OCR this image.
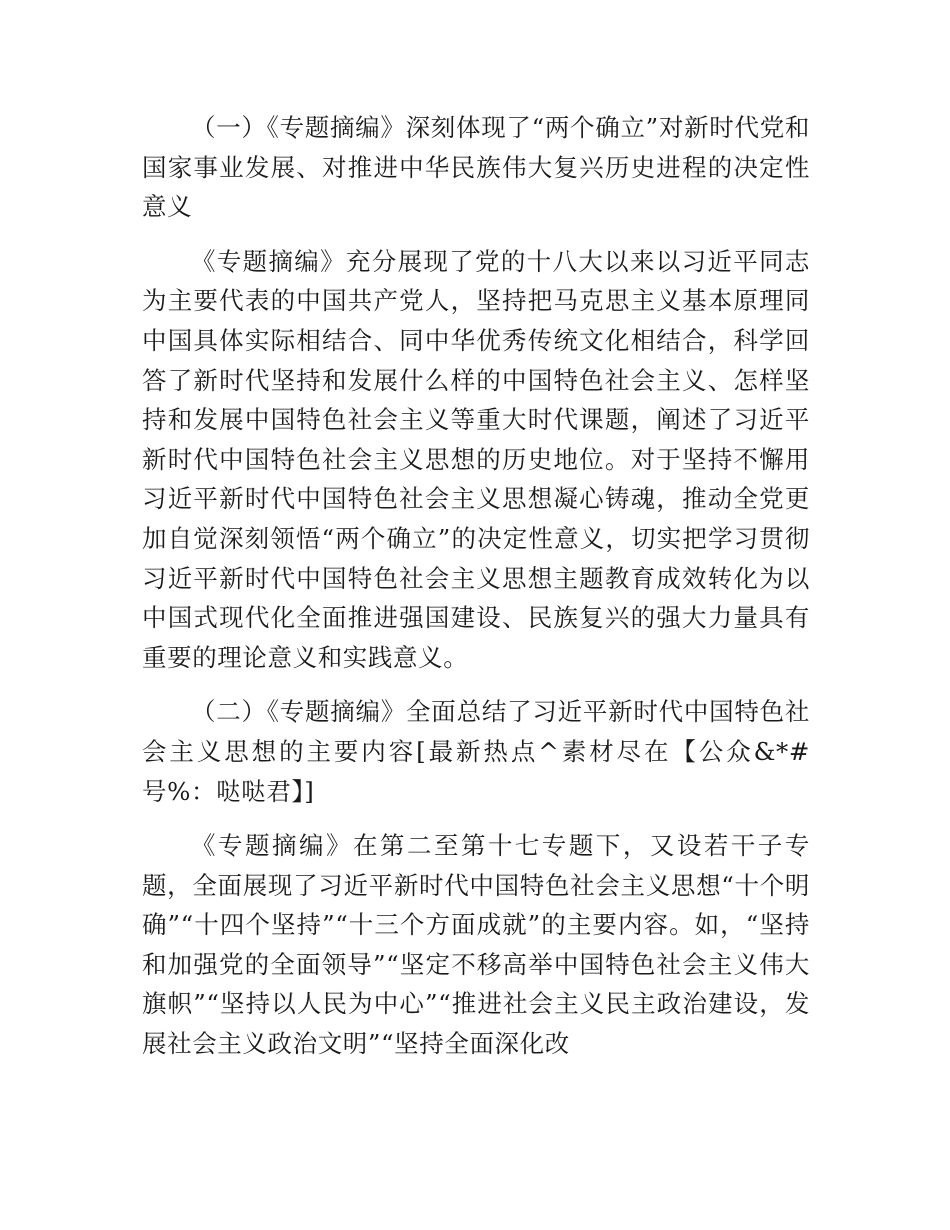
（一）《专题摘编》深刻体现了“两个确立”对新时代党和国家事业发展、对推进中华民族伟大复兴历史进程的决定性意义

《专题摘编》充分展现了党的十八大以来以习近平同志为主要代表的中国共产党人，坚持把马克思主义基本原理同中国具体实际相结合、同中华优秀传统文化相结合，科学回答了新时代坚持和发展什么样的中国特色社会主义、怎样坚持和发展中国特色社会主义等重大时代课题，阐述了习近平新时代中国特色社会主义思想的历史地位。对于坚持不懈用习近平新时代中国特色社会主义思想凝心铸魂，推动全党更加自觉深刻领悟“两个确立”的决定性意义，切实把学习贯彻习近平新时代中国特色社会主义思想主题教育成效转化为以中国式现代化全面推进强国建设、民族复兴的强大力量具有重要的理论意义和实践意义。

（二）《专题摘编》全面总结了习近平新时代中国特色社会主义思想的主要内容[最新热点^素材尽在【公众&*#号%：哒哒君】]

《专题摘编》在第二至第十七专题下，又设若干子专题，全面展现了习近平新时代中国特色社会主义思想“十个明确”“十四个坚持”“十三个方面成就”的主要内容。如，“坚持和加强党的全面领导”“坚定不移高举中国特色社会主义伟大旗帜”“坚持以人民为中心”“推进社会主义民主政治建设，发展社会主义政治文明”“坚持全面深化改
